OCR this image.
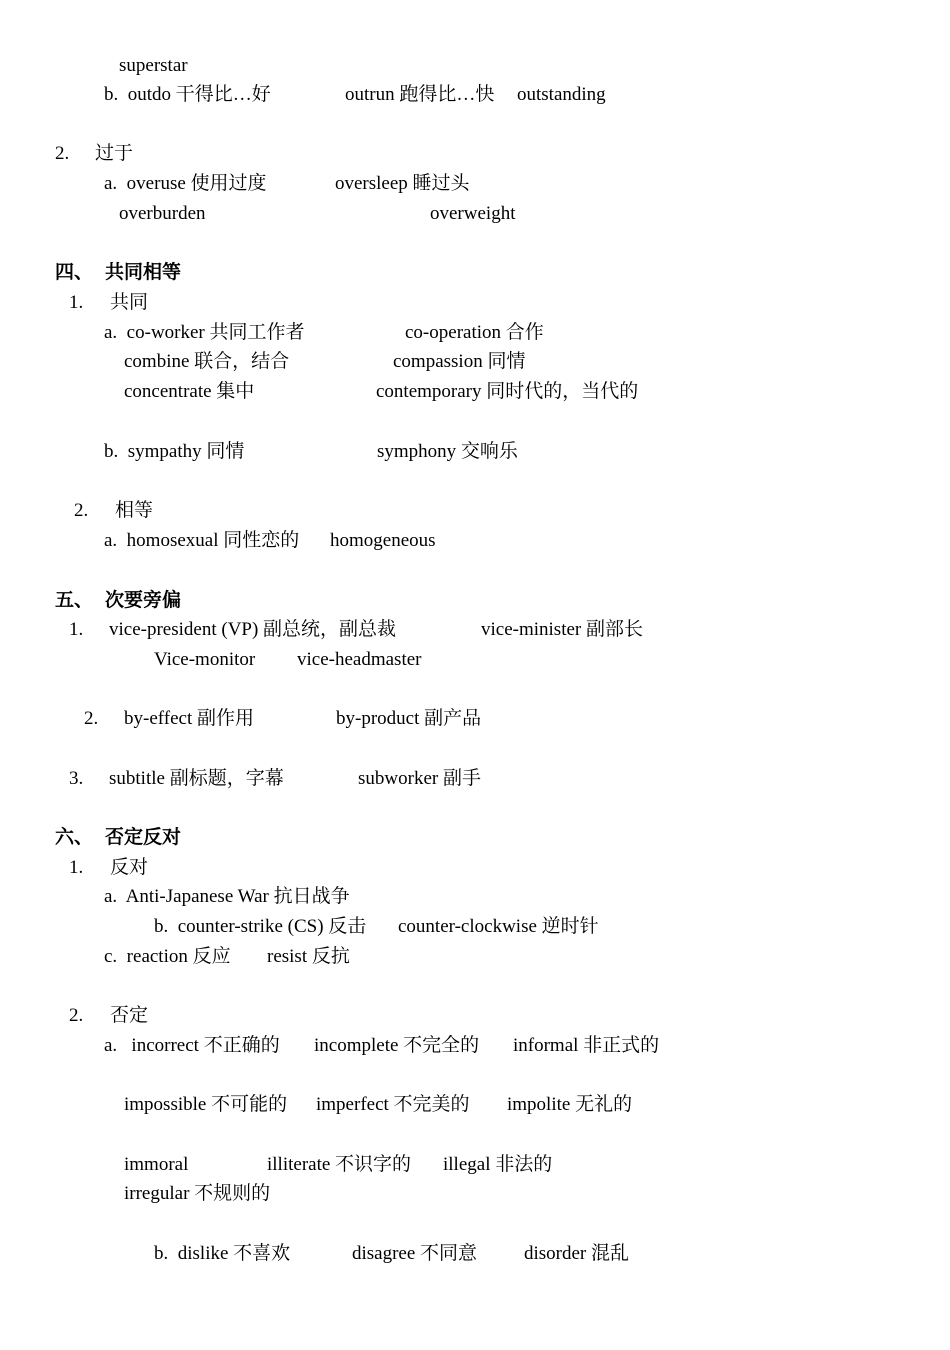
superstar
b.  outdo 干得比…好	outrun 跑得比…快 outstanding
2. 过于
a.  overuse 使用过度	oversleep 睡过头
overburden	overweight
四、 共同相等
1. 共同
a.  co-worker 共同工作者	co-operation 合作
combine 联合，结合	compassion 同情
concentrate 集中	contemporary 同时代的，当代的
b.  sympathy 同情	symphony 交响乐
2. 相等
a.  homosexual 同性恋的 homogeneous
五、 次要旁偏
1. vice-president (VP) 副总统，副总裁	vice-minister 副部长
Vice-monitor vice-headmaster
2. by-effect 副作用	by-product 副产品
3. subtitle 副标题，字幕	subworker 副手
六、 否定反对
1. 反对
a.  Anti-Japanese War 抗日战争
b.  counter-strike (CS) 反击 counter-clockwise 逆时针
c.  reaction 反应 resist 反抗
2. 否定
a.   incorrect 不正确的 incomplete 不完全的 informal 非正式的
impossible 不可能的 imperfect 不完美的 impolite 无礼的
immoral	illiterate 不识字的 illegal 非法的
irregular 不规则的
b.  dislike 不喜欢	disagree 不同意 disorder 混乱
